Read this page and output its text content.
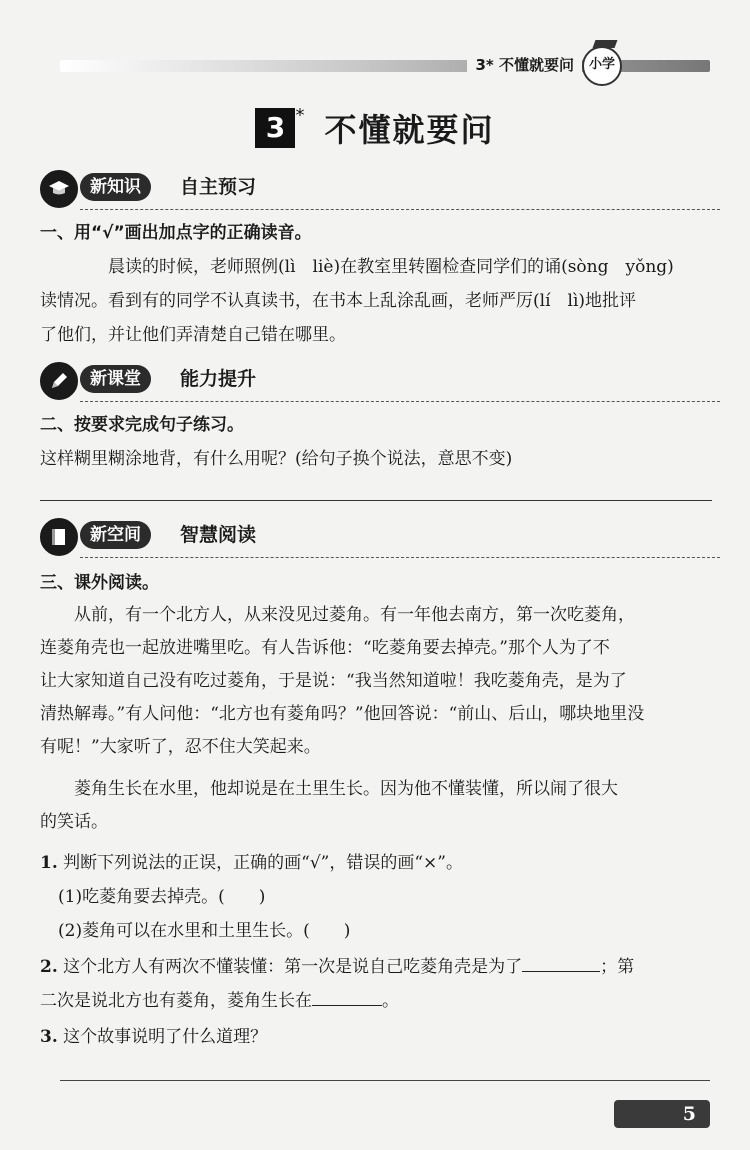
3* 不懂就要问	小学
3 * 不懂就要问
新知识	自主预习
一、用“√”画出加点字的正确读音。
晨读的时候，老师照例(lì　liè)在教室里转圈检查同学们的诵(sòng　yǒng)
读情况。看到有的同学不认真读书，在书本上乱涂乱画，老师严厉(lí　lì)地批评
了他们，并让他们弄清楚自己错在哪里。
新课堂	能力提升
二、按要求完成句子练习。
这样糊里糊涂地背，有什么用呢？(给句子换个说法，意思不变)
新空间	智慧阅读
三、课外阅读。
从前，有一个北方人，从来没见过菱角。有一年他去南方，第一次吃菱角，
连菱角壳也一起放进嘴里吃。有人告诉他：“吃菱角要去掉壳。”那个人为了不
让大家知道自己没有吃过菱角，于是说：“我当然知道啦！我吃菱角壳，是为了
清热解毒。”有人问他：“北方也有菱角吗？”他回答说：“前山、后山，哪块地里没
有呢！”大家听了，忍不住大笑起来。
菱角生长在水里，他却说是在土里生长。因为他不懂装懂，所以闹了很大
的笑话。
1. 判断下列说法的正误，正确的画“√”，错误的画“×”。
(1)吃菱角要去掉壳。(　　)
(2)菱角可以在水里和土里生长。(　　)
2. 这个北方人有两次不懂装懂：第一次是说自己吃菱角壳是为了	；第
二次是说北方也有菱角，菱角生长在	。
3. 这个故事说明了什么道理？
5
